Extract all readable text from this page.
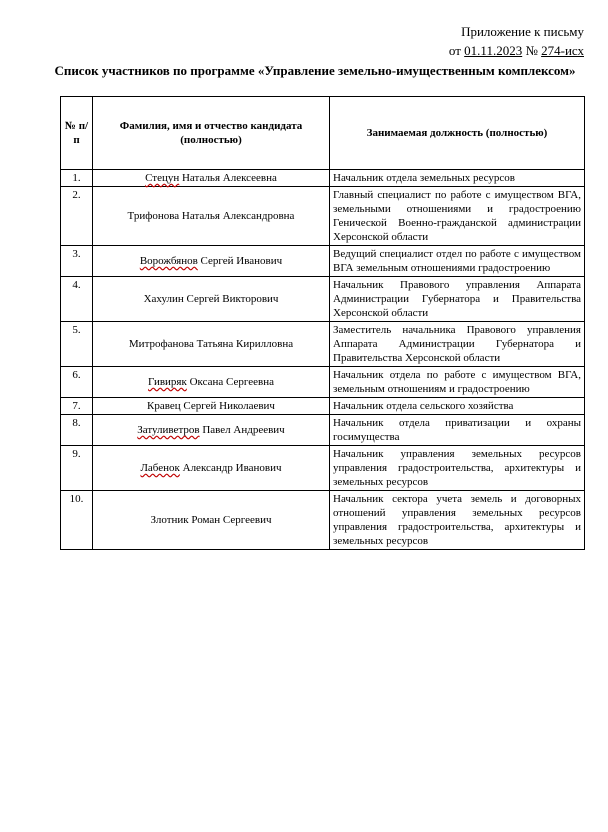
Приложение к письму
от 01.11.2023 № 274-исх
Список участников по программе «Управление земельно-имущественным комплексом»
№ п/п	Фамилия, имя и отчество кандидата (полностью)	Занимаемая должность (полностью)
1.	Стецун Наталья Алексеевна	Начальник отдела земельных ресурсов
2.	Трифонова Наталья Александровна	Главный специалист по работе с имуществом ВГА, земельными отношениями и градостроению Генической Военно-гражданской администрации Херсонской области
3.	Ворожбянов Сергей Иванович	Ведущий специалист отдел по работе с имуществом ВГА земельным отношениями градостроению
4.	Хахулин Сергей Викторович	Начальник Правового управления Аппарата Администрации Губернатора и Правительства Херсонской области
5.	Митрофанова Татьяна Кирилловна	Заместитель начальника Правового управления Аппарата Администрации Губернатора и Правительства Херсонской области
6.	Гивиряк Оксана Сергеевна	Начальник отдела по работе с имуществом ВГА, земельным отношениям и градостроению
7.	Кравец Сергей Николаевич	Начальник отдела сельского хозяйства
8.	Затуливетров Павел Андреевич	Начальник отдела приватизации и охраны госимущества
9.	Лабенок Александр Иванович	Начальник управления земельных ресурсов управления градостроительства, архитектуры и земельных ресурсов
10.	Злотник Роман Сергеевич	Начальник сектора учета земель и договорных отношений управления земельных ресурсов управления градостроительства, архитектуры и земельных ресурсов
